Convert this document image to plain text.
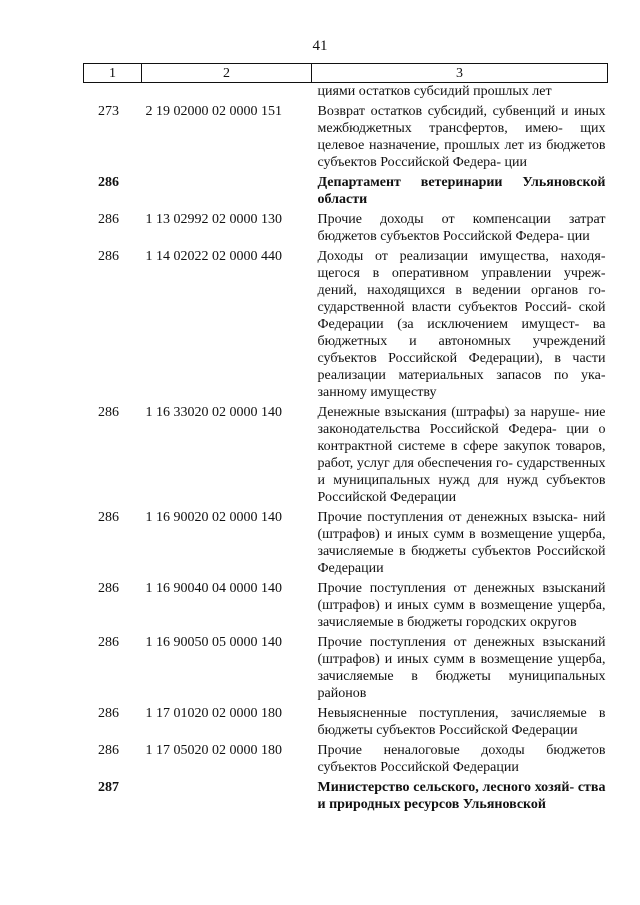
41
1	2	3
		циями остатков субсидий прошлых лет
273	2 19 02000 02 0000 151	Возврат остатков субсидий, субвенций и иных межбюджетных трансфертов, имею- щих целевое назначение, прошлых лет из бюджетов субъектов Российской Федера- ции
286		Департамент ветеринарии Ульяновской области
286	1 13 02992 02 0000 130	Прочие доходы от компенсации затрат бюджетов субъектов Российской Федера- ции
286	1 14 02022 02 0000 440	Доходы от реализации имущества, находя- щегося в оперативном управлении учреж- дений, находящихся в ведении органов го- сударственной власти субъектов Россий- ской Федерации (за исключением имущест- ва бюджетных и автономных учреждений субъектов Российской Федерации), в части реализации материальных запасов по ука- занному имуществу
286	1 16 33020 02 0000 140	Денежные взыскания (штрафы) за наруше- ние законодательства Российской Федера- ции о контрактной системе в сфере закупок товаров, работ, услуг для обеспечения го- сударственных и муниципальных нужд для нужд субъектов Российской Федерации
286	1 16 90020 02 0000 140	Прочие поступления от денежных взыска- ний (штрафов) и иных сумм в возмещение ущерба, зачисляемые в бюджеты субъектов Российской Федерации
286	1 16 90040 04 0000 140	Прочие поступления от денежных взысканий (штрафов) и иных сумм в возмещение ущерба, зачисляемые в бюджеты городских округов
286	1 16 90050 05 0000 140	Прочие поступления от денежных взысканий (штрафов) и иных сумм в возмещение ущерба, зачисляемые в бюджеты муниципальных районов
286	1 17 01020 02 0000 180	Невыясненные поступления, зачисляемые в бюджеты субъектов Российской Федерации
286	1 17 05020 02 0000 180	Прочие неналоговые доходы бюджетов субъектов Российской Федерации
287		Министерство сельского, лесного хозяй- ства и природных ресурсов Ульяновской
